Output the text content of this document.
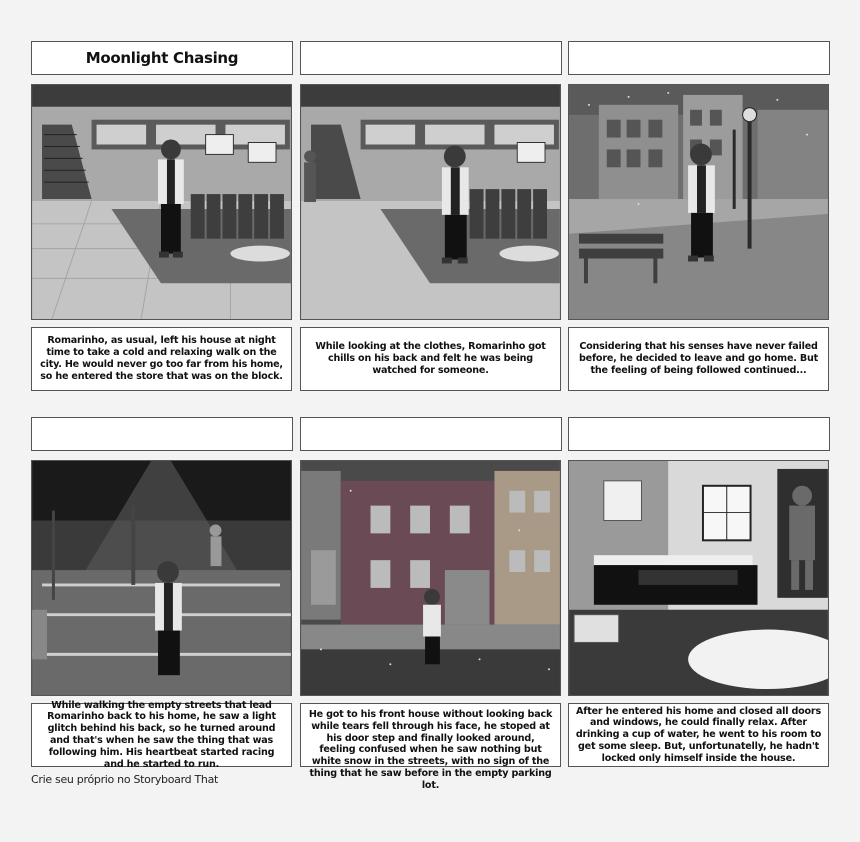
Moonlight Chasing
Romarinho, as usual, left his house at night time to take a cold and relaxing walk on the city. He would never go too far from his home, so he entered the store that was on the block.
While looking at the clothes, Romarinho got chills on his back and felt he was being watched for someone.
Considering that his senses have never failed before, he decided to leave and go home. But the feeling of being followed continued...
While walking the empty streets that lead Romarinho back to his home, he saw a light glitch behind his back, so he turned around and that's when he saw the thing that was following him. His heartbeat started racing and he started to run.
He got to his front house without looking back while tears fell through his face, he stoped at his door step and finally looked around, feeling confused when he saw nothing but white snow in the streets, with no sign of the thing that he saw before in the empty parking lot.
After he entered his home and closed all doors and windows, he could finally relax. After drinking a cup of water, he went to his room to get some sleep. But, unfortunatelly, he hadn't locked only himself inside the house.
Crie seu próprio no Storyboard That
